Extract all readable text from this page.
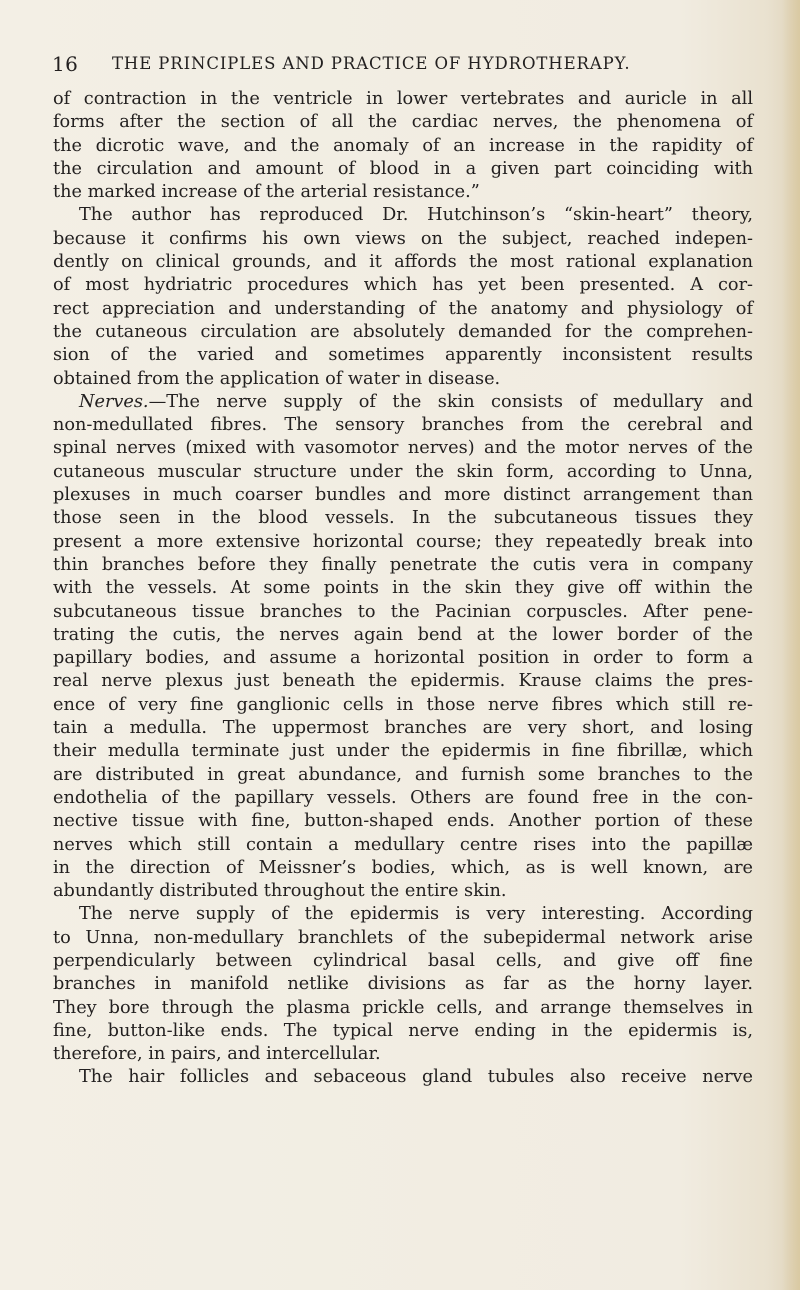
16 THE PRINCIPLES AND PRACTICE OF HYDROTHERAPY.
of contraction in the ventricle in lower vertebrates and auricle in all
forms after the section of all the cardiac nerves, the phenomena of
the dicrotic wave, and the anomaly of an increase in the rapidity of
the circulation and amount of blood in a given part coinciding with
the marked increase of the arterial resistance.”
The author has reproduced Dr. Hutchinson’s “skin-heart” theory,
because it confirms his own views on the subject, reached indepen-
dently on clinical grounds, and it affords the most rational explanation
of most hydriatric procedures which has yet been presented. A cor-
rect appreciation and understanding of the anatomy and physiology of
the cutaneous circulation are absolutely demanded for the comprehen-
sion of the varied and sometimes apparently inconsistent results
obtained from the application of water in disease.
Nerves.—The nerve supply of the skin consists of medullary and
non-medullated fibres. The sensory branches from the cerebral and
spinal nerves (mixed with vasomotor nerves) and the motor nerves of the
cutaneous muscular structure under the skin form, according to Unna,
plexuses in much coarser bundles and more distinct arrangement than
those seen in the blood vessels. In the subcutaneous tissues they
present a more extensive horizontal course; they repeatedly break into
thin branches before they finally penetrate the cutis vera in company
with the vessels. At some points in the skin they give off within the
subcutaneous tissue branches to the Pacinian corpuscles. After pene-
trating the cutis, the nerves again bend at the lower border of the
papillary bodies, and assume a horizontal position in order to form a
real nerve plexus just beneath the epidermis. Krause claims the pres-
ence of very fine ganglionic cells in those nerve fibres which still re-
tain a medulla. The uppermost branches are very short, and losing
their medulla terminate just under the epidermis in fine fibrillæ, which
are distributed in great abundance, and furnish some branches to the
endothelia of the papillary vessels. Others are found free in the con-
nective tissue with fine, button-shaped ends. Another portion of these
nerves which still contain a medullary centre rises into the papillæ
in the direction of Meissner’s bodies, which, as is well known, are
abundantly distributed throughout the entire skin.
The nerve supply of the epidermis is very interesting. According
to Unna, non-medullary branchlets of the subepidermal network arise
perpendicularly between cylindrical basal cells, and give off fine
branches in manifold netlike divisions as far as the horny layer.
They bore through the plasma prickle cells, and arrange themselves in
fine, button-like ends. The typical nerve ending in the epidermis is,
therefore, in pairs, and intercellular.
The hair follicles and sebaceous gland tubules also receive nerve
